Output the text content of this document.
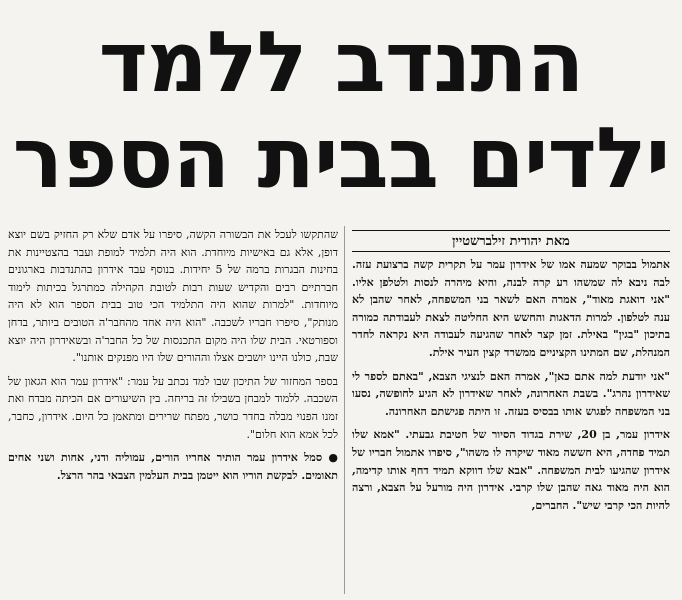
התנדב ללמד
ילדים בבית הספר
מאת יהודית זילברשטיין

אתמול בבוקר שמעה אמו של אידרון עמר על תקרית קשה ברצועת עזה. לבה ניבא לה שמשהו רע קרה לבנה, והיא מיהרה לנסות ולטלפן אליו. "אני דואגת מאוד", אמרה האם לשאר בני המשפחה, לאחר שהבן לא ענה לטלפון. למרות הדאגות והחשש היא החליטה לצאת לעבודתה כמורה בתיכון "בגין" באילת. זמן קצר לאחר שהגיעה לעבודה היא נקראה לחדר המנהלת, שם המתינו הקציניים ממשרד קצין העיר אילת.

"אני יודעת למה אתם כאן", אמרה האם לנציגי הצבא, "באתם לספר לי שאידרון נהרג". בשבת האחרונה, לאחר שאידרון לא הגיע לחופשה, נסעו בני המשפחה לפגוש אותו בבסיס בעזה. זו היתה פגישתם האחרונה.

אידרון עמר, בן 20, שירת בגדוד הסיור של חטיבת גבעתי. "אמא שלו תמיד פחדה, היא חששה מאוד שיקרה לו משהו", סיפרו אתמול חבריו של אידרון שהגיעו לבית המשפחה. "אבא שלו דווקא תמיד דחף אותו קדימה, הוא היה מאוד גאה שהבן שלו קרבי. אידרון היה מורעל על הצבא, ורצה להיות הכי קרבי שיש". החברים,

שהתקשו לעכל את הבשורה הקשה, סיפרו על אדם שלא רק החזיק בשם יוצא דופן, אלא גם באישיות מיוחדת. הוא היה תלמיד למופת ועבר בהצטיינות את בחינות הבגרות ברמה של 5 יחידות. בנוסף עבד אידרון בהתנדבות בארגונים חברתיים רבים והקדיש שעות רבות לטובת הקהילה כמתרגל בכיתות לימוד מיוחדות. "למרות שהוא היה התלמיד הכי טוב בבית הספר הוא לא היה מנותק", סיפרו חבריו לשכבה. "הוא היה אחד מהחבר'ה הטובים ביותר, בדחן וספורטאי. הבית שלו היה מקום התכנסות של כל החבר'ה ובשאידרון היה יוצא שבת, כולנו היינו יושבים אצלו וההורים שלו היו מפנקים אותנו".

בספר המחזור של התיכון שבו למד נכתב על עמר: "אידרון עמר הוא הגאון של השכבה. ללמוד למבחן בשבילו זה בריחה. בין השיעורים אם הכיתה מבדח ואת זמנו הפנוי מבלה בחדר כושר, מפתח שרירים ומתאמן כל היום. אידרון, כחבר, לכל אמא הוא חלום".

● סמל אידרון עמר הותיר אחריו הורים, עמוליה ודני, אחות ושני אחים תאומים. לבקשת הוריו הוא ייטמן בבית העלמין הצבאי בהר הרצל.
